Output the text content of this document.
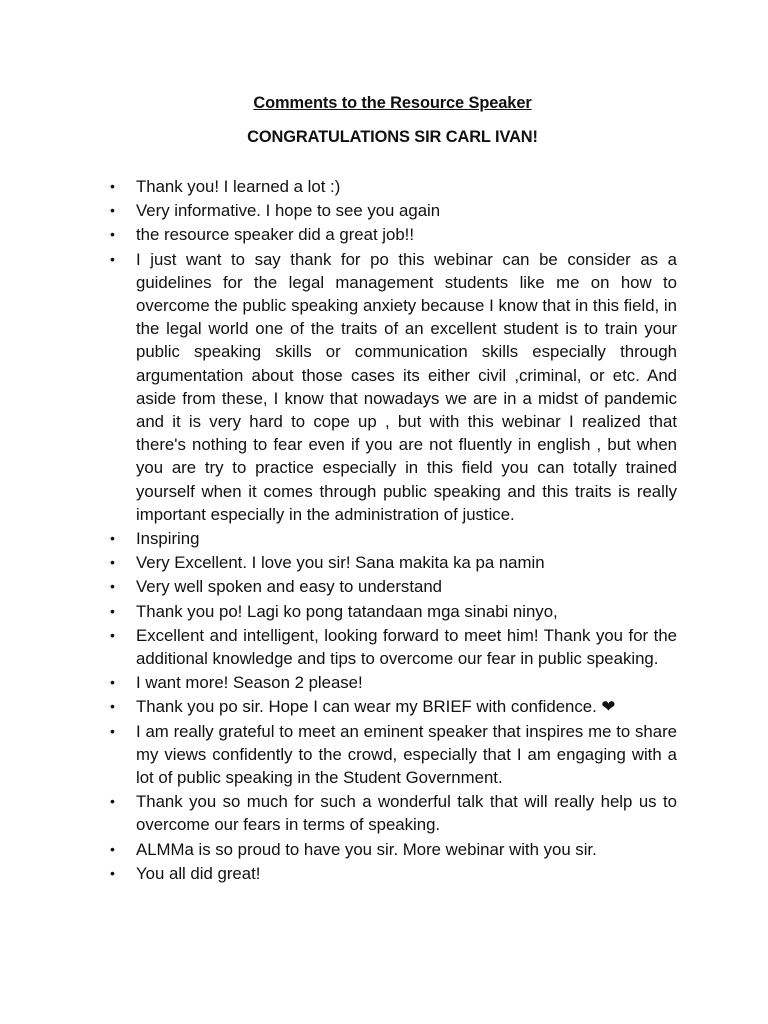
Comments to the Resource Speaker
CONGRATULATIONS SIR CARL IVAN!
• Thank you! I learned a lot :)
• Very informative. I hope to see you again
• the resource speaker did a great job!!
• I just want to say thank for po this webinar can be consider as a guidelines for the legal management students like me on how to overcome the public speaking anxiety because I know that in this field, in the legal world one of the traits of an excellent student is to train your public speaking skills or communication skills especially through argumentation about those cases its either civil ,criminal, or etc. And aside from these, I know that nowadays we are in a midst of pandemic and it is very hard to cope up , but with this webinar I realized that there's nothing to fear even if you are not fluently in english , but when you are try to practice especially in this field you can totally trained yourself when it comes through public speaking and this traits is really important especially in the administration of justice.
• Inspiring
• Very Excellent. I love you sir! Sana makita ka pa namin
• Very well spoken and easy to understand
• Thank you po! Lagi ko pong tatandaan mga sinabi ninyo,
• Excellent and intelligent, looking forward to meet him! Thank you for the additional knowledge and tips to overcome our fear in public speaking.
• I want more! Season 2 please!
• Thank you po sir. Hope I can wear my BRIEF with confidence. ❤
• I am really grateful to meet an eminent speaker that inspires me to share my views confidently to the crowd, especially that I am engaging with a lot of public speaking in the Student Government.
• Thank you so much for such a wonderful talk that will really help us to overcome our fears in terms of speaking.
• ALMMa is so proud to have you sir. More webinar with you sir.
• You all did great!
